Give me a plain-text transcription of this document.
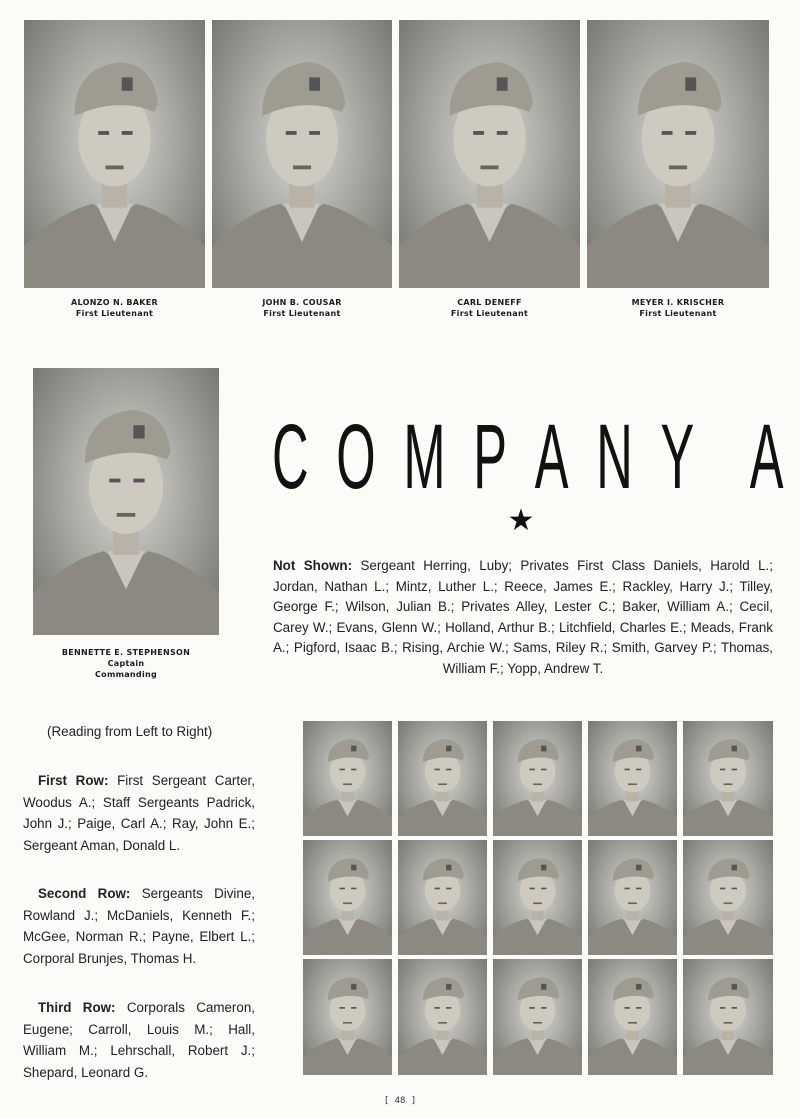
ALONZO N. BAKER
First Lieutenant
JOHN B. COUSAR
First Lieutenant
CARL DENEFF
First Lieutenant
MEYER I. KRISCHER
First Lieutenant
BENNETTE E. STEPHENSON
Captain
Commanding
C O M P A N Y A
★
Not Shown: Sergeant Herring, Luby; Privates First Class Daniels, Harold L.; Jordan, Nathan L.; Mintz, Luther L.; Reece, James E.; Rackley, Harry J.; Tilley, George F.; Wilson, Julian B.; Privates Alley, Lester C.; Baker, William A.; Cecil, Carey W.; Evans, Glenn W.; Holland, Arthur B.; Litchfield, Charles E.; Meads, Frank A.; Pigford, Isaac B.; Rising, Archie W.; Sams, Riley R.; Smith, Garvey P.; Thomas, William F.; Yopp, Andrew T.
(Reading from Left to Right)
First Row: First Sergeant Carter, Woodus A.; Staff Sergeants Padrick, John J.; Paige, Carl A.; Ray, John E.; Sergeant Aman, Donald L.
Second Row: Sergeants Divine, Rowland J.; McDaniels, Kenneth F.; McGee, Norman R.; Payne, Elbert L.; Corporal Brunjes, Thomas H.
Third Row: Corporals Cameron, Eugene; Carroll, Louis M.; Hall, William M.; Lehrschall, Robert J.; Shepard, Leonard G.
[ 48 ]
